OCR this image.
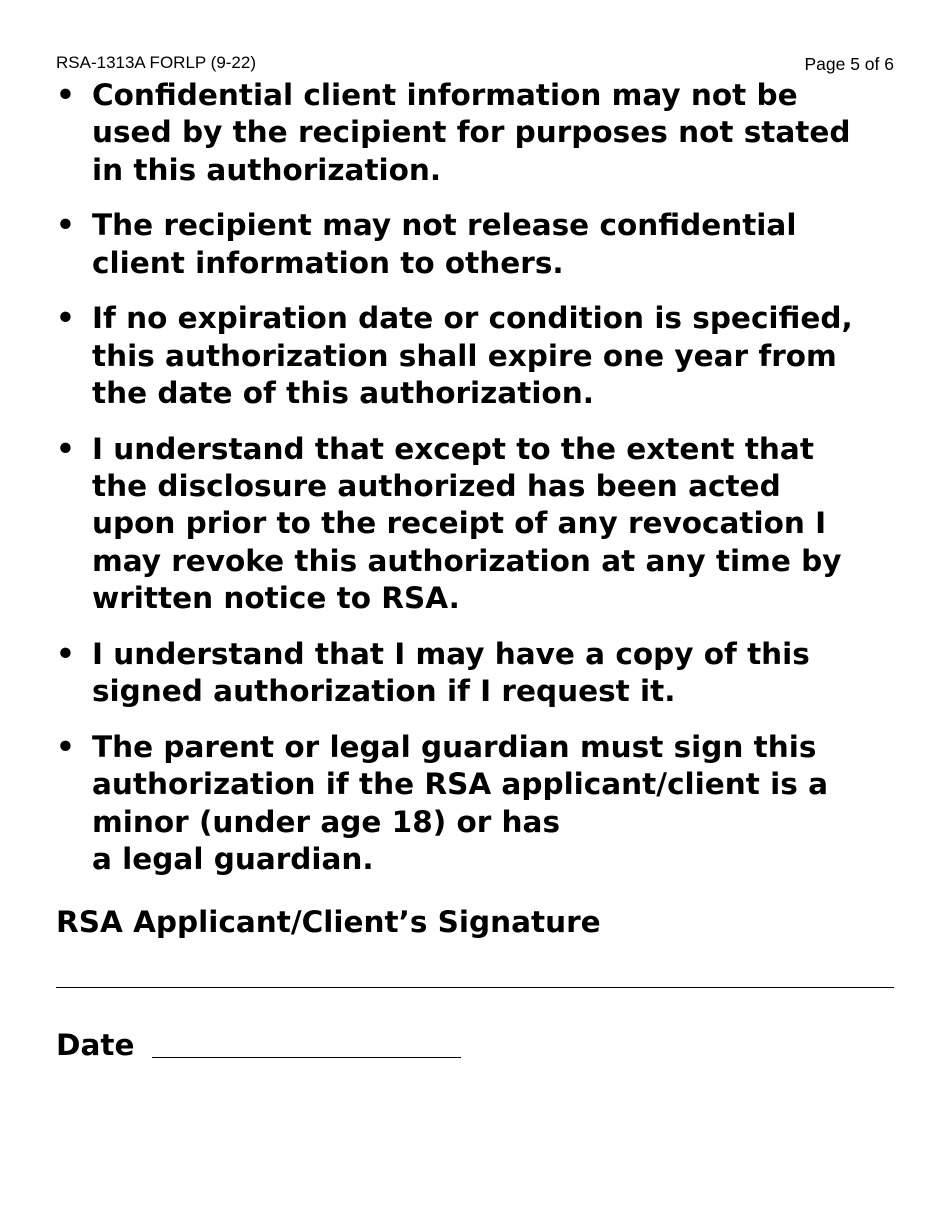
RSA-1313A FORLP (9-22)	Page 5 of 6
• Confidential client information may not be
used by the recipient for purposes not stated
in this authorization.
• The recipient may not release confidential
client information to others.
• If no expiration date or condition is specified,
this authorization shall expire one year from
the date of this authorization.
• I understand that except to the extent that
the disclosure authorized has been acted
upon prior to the receipt of any revocation I
may revoke this authorization at any time by
written notice to RSA.
• I understand that I may have a copy of this
signed authorization if I request it.
• The parent or legal guardian must sign this
authorization if the RSA applicant/client is a
minor (under age 18) or has
a legal guardian.
RSA Applicant/Client’s Signature
Date
